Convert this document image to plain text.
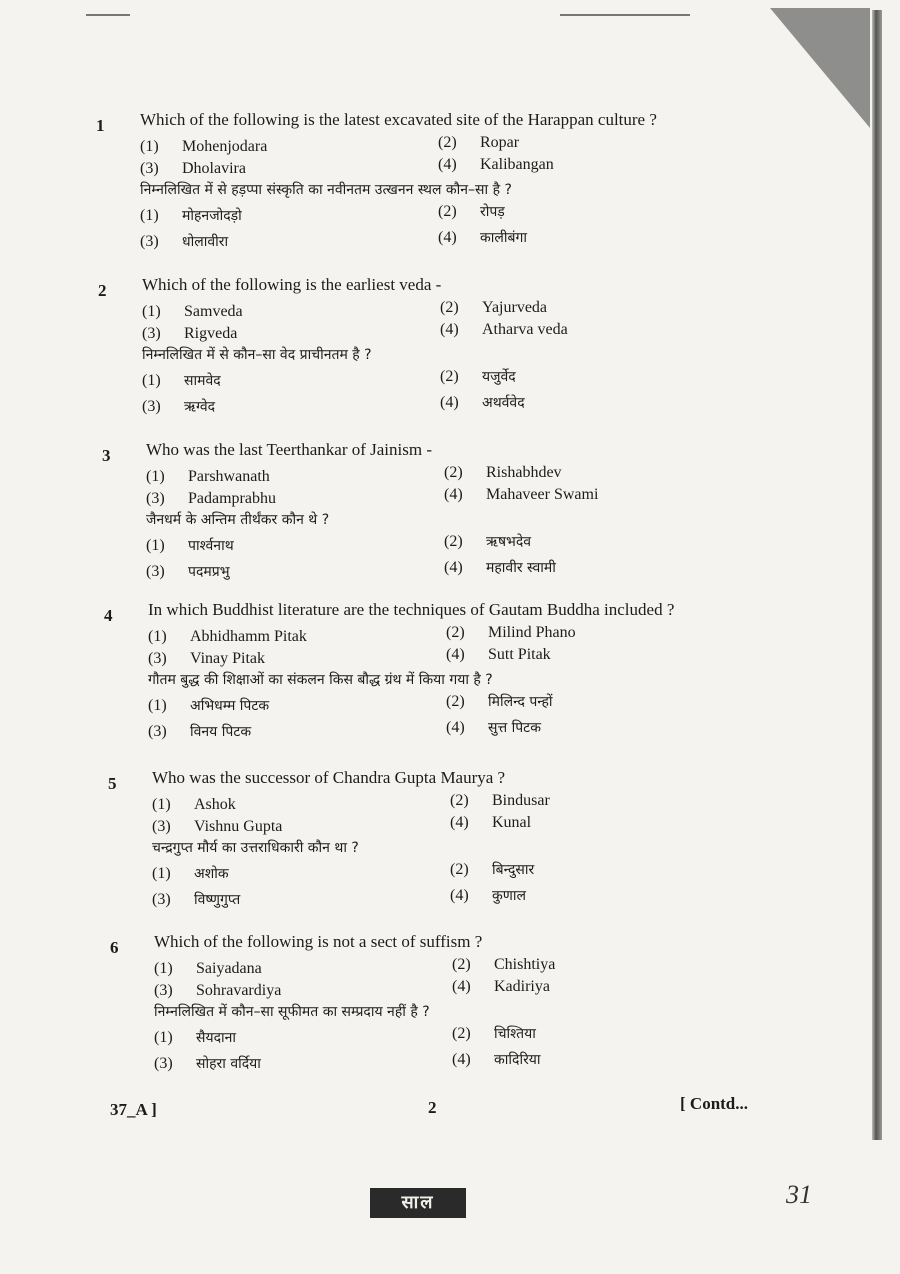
1 Which of the following is the latest excavated site of the Harappan culture ?
(1) Mohenjodara	(2) Ropar
(3) Dholavira	(4) Kalibangan
निम्नलिखित में से हड़प्पा संस्कृति का नवीनतम उत्खनन स्थल कौन–सा है ?
(1) मोहनजोदड़ो	(2) रोपड़
(3) धोलावीरा	(4) कालीबंगा
2 Which of the following is the earliest veda -
(1) Samveda	(2) Yajurveda
(3) Rigveda	(4) Atharva veda
निम्नलिखित में से कौन–सा वेद प्राचीनतम है ?
(1) सामवेद	(2) यजुर्वेद
(3) ऋग्वेद	(4) अथर्ववेद
3 Who was the last Teerthankar of Jainism -
(1) Parshwanath	(2) Rishabhdev
(3) Padamprabhu	(4) Mahaveer Swami
जैनधर्म के अन्तिम तीर्थंकर कौन थे ?
(1) पार्श्वनाथ	(2) ऋषभदेव
(3) पदमप्रभु	(4) महावीर स्वामी
4 In which Buddhist literature are the techniques of Gautam Buddha included ?
(1) Abhidhamm Pitak	(2) Milind Phano
(3) Vinay Pitak	(4) Sutt Pitak
गौतम बुद्ध की शिक्षाओं का संकलन किस बौद्ध ग्रंथ में किया गया है ?
(1) अभिधम्म पिटक	(2) मिलिन्द पन्हों
(3) विनय पिटक	(4) सुत्त पिटक
5 Who was the successor of Chandra Gupta Maurya ?
(1) Ashok	(2) Bindusar
(3) Vishnu Gupta	(4) Kunal
चन्द्रगुप्त मौर्य का उत्तराधिकारी कौन था ?
(1) अशोक	(2) बिन्दुसार
(3) विष्णुगुप्त	(4) कुणाल
6 Which of the following is not a sect of suffism ?
(1) Saiyadana	(2) Chishtiya
(3) Sohravardiya	(4) Kadiriya
निम्नलिखित में कौन–सा सूफीमत का सम्प्रदाय नहीं है ?
(1) सैयदाना	(2) चिश्तिया
(3) सोहरा वर्दिया	(4) कादिरिया
37_A ]	2	[ Contd...
साल	31
